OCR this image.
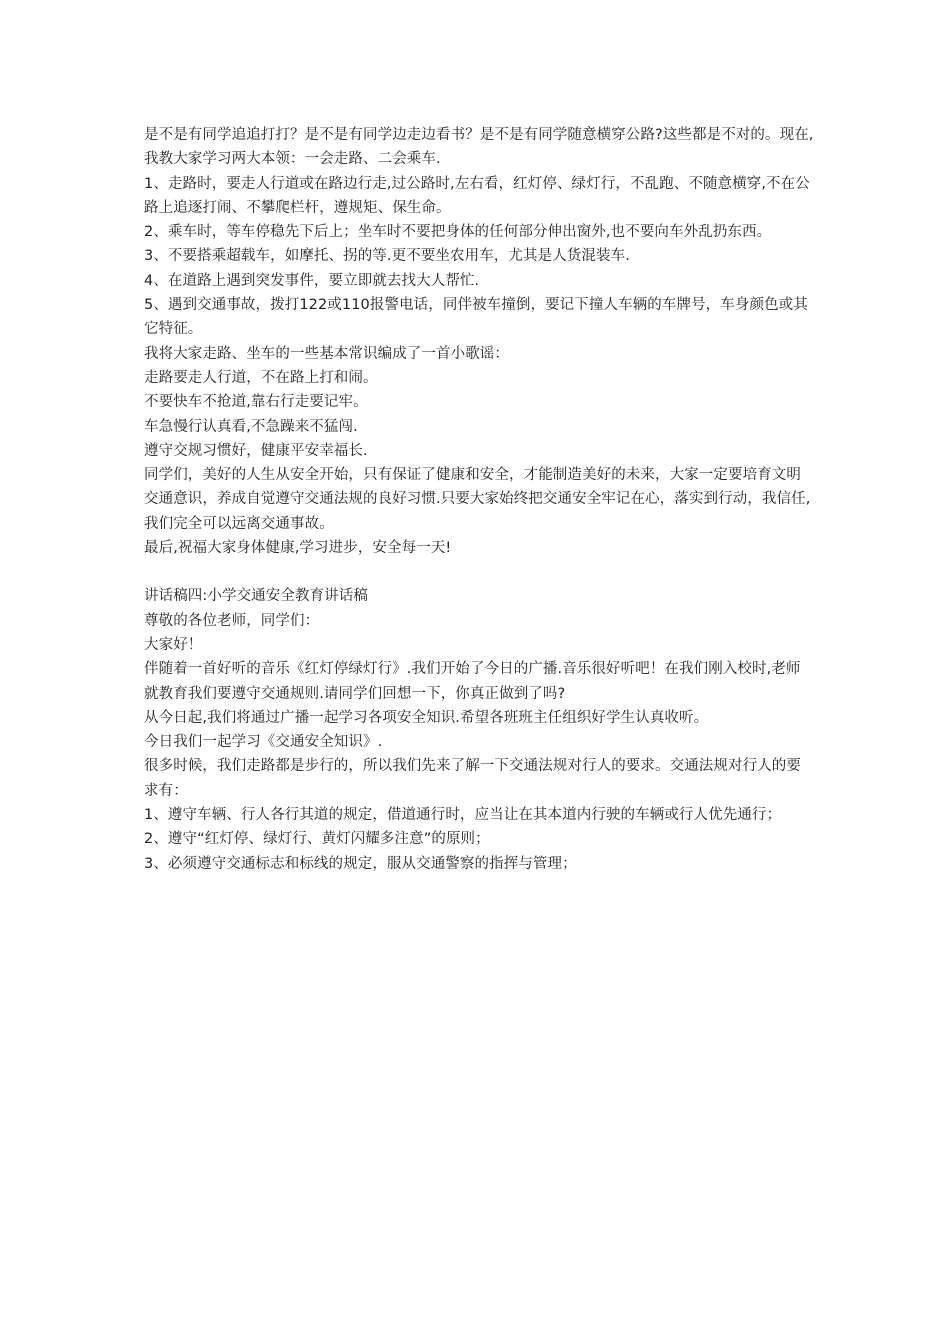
是不是有同学追追打打？是不是有同学边走边看书？是不是有同学随意横穿公路?这些都是不对的。现在,我教大家学习两大本领：一会走路、二会乘车.

1、走路时，要走人行道或在路边行走,过公路时,左右看，红灯停、绿灯行，不乱跑、不随意横穿,不在公路上追逐打闹、不攀爬栏杆，遵规矩、保生命。

2、乘车时，等车停稳先下后上；坐车时不要把身体的任何部分伸出窗外,也不要向车外乱扔东西。

3、不要搭乘超载车，如摩托、拐的等.更不要坐农用车，尤其是人货混装车.

4、在道路上遇到突发事件，要立即就去找大人帮忙.

5、遇到交通事故，拨打122或110报警电话，同伴被车撞倒，要记下撞人车辆的车牌号，车身颜色或其它特征。

我将大家走路、坐车的一些基本常识编成了一首小歌谣：

走路要走人行道，不在路上打和闹。

不要快车不抢道,靠右行走要记牢。

车急慢行认真看,不急躁来不猛闯.

遵守交规习惯好，健康平安幸福长.

同学们，美好的人生从安全开始，只有保证了健康和安全，才能制造美好的未来，大家一定要培育文明交通意识，养成自觉遵守交通法规的良好习惯.只要大家始终把交通安全牢记在心，落实到行动，我信任,我们完全可以远离交通事故。

最后,祝福大家身体健康,学习进步，安全每一天!

讲话稿四:小学交通安全教育讲话稿

尊敬的各位老师，同学们：

大家好！

伴随着一首好听的音乐《红灯停绿灯行》.我们开始了今日的广播.音乐很好听吧！在我们刚入校时,老师就教育我们要遵守交通规则.请同学们回想一下，你真正做到了吗?

从今日起,我们将通过广播一起学习各项安全知识.希望各班班主任组织好学生认真收听。

今日我们一起学习《交通安全知识》.

很多时候，我们走路都是步行的，所以我们先来了解一下交通法规对行人的要求。交通法规对行人的要求有：

1、遵守车辆、行人各行其道的规定，借道通行时，应当让在其本道内行驶的车辆或行人优先通行；

2、遵守“红灯停、绿灯行、黄灯闪耀多注意”的原则；

3、必须遵守交通标志和标线的规定，服从交通警察的指挥与管理；
